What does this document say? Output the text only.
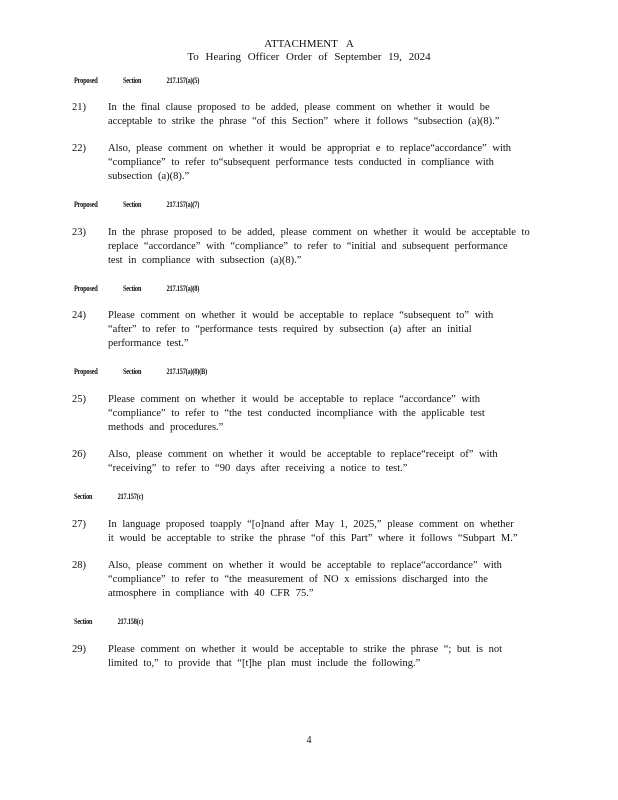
ATTACHMENT A
To Hearing Officer Order of September 19, 2024
Proposed	Section	217.157(a)(5)
21)	In the final clause proposed to be added, please comment on whether it would be
acceptable to strike the phrase “of this Section” where it follows “subsection (a)(8).”
22)	Also, please comment on whether it would be appropriat e to replace“accordance” with
“compliance” to refer to“subsequent performance tests conducted in compliance with
subsection (a)(8).”
Proposed	Section	217.157(a)(7)
23)	In the phrase proposed to be added, please comment on whether it would be acceptable to
replace “accordance” with “compliance” to refer to “initial and subsequent performance
test in compliance with subsection (a)(8).”
Proposed	Section	217.157(a)(8)
24)	Please comment on whether it would be acceptable to replace “subsequent to” with
“after” to refer to “performance tests required by subsection (a) after an initial
performance test.”
Proposed	Section	217.157(a)(8)(B)
25)	Please comment on whether it would be acceptable to replace “accordance” with
“compliance” to refer to “the test conducted incompliance with the applicable test
methods and procedures.”
26)	Also, please comment on whether it would be acceptable to replace“receipt of” with
“receiving” to refer to “90 days after receiving a notice to test.”
Section	217.157(c)
27)	In language proposed toapply “[o]nand after May 1, 2025,” please comment on whether
it would be acceptable to strike the phrase “of this Part” where it follows “Subpart M.”
28)	Also, please comment on whether it would be acceptable to replace“accordance” with
“compliance” to refer to “the measurement of NO x emissions discharged into the
atmosphere in compliance with 40 CFR 75.”
Section	217.158(c)
29)	Please comment on whether it would be acceptable to strike the phrase “; but is not
limited to,” to provide that “[t]he plan must include the following.”
4
